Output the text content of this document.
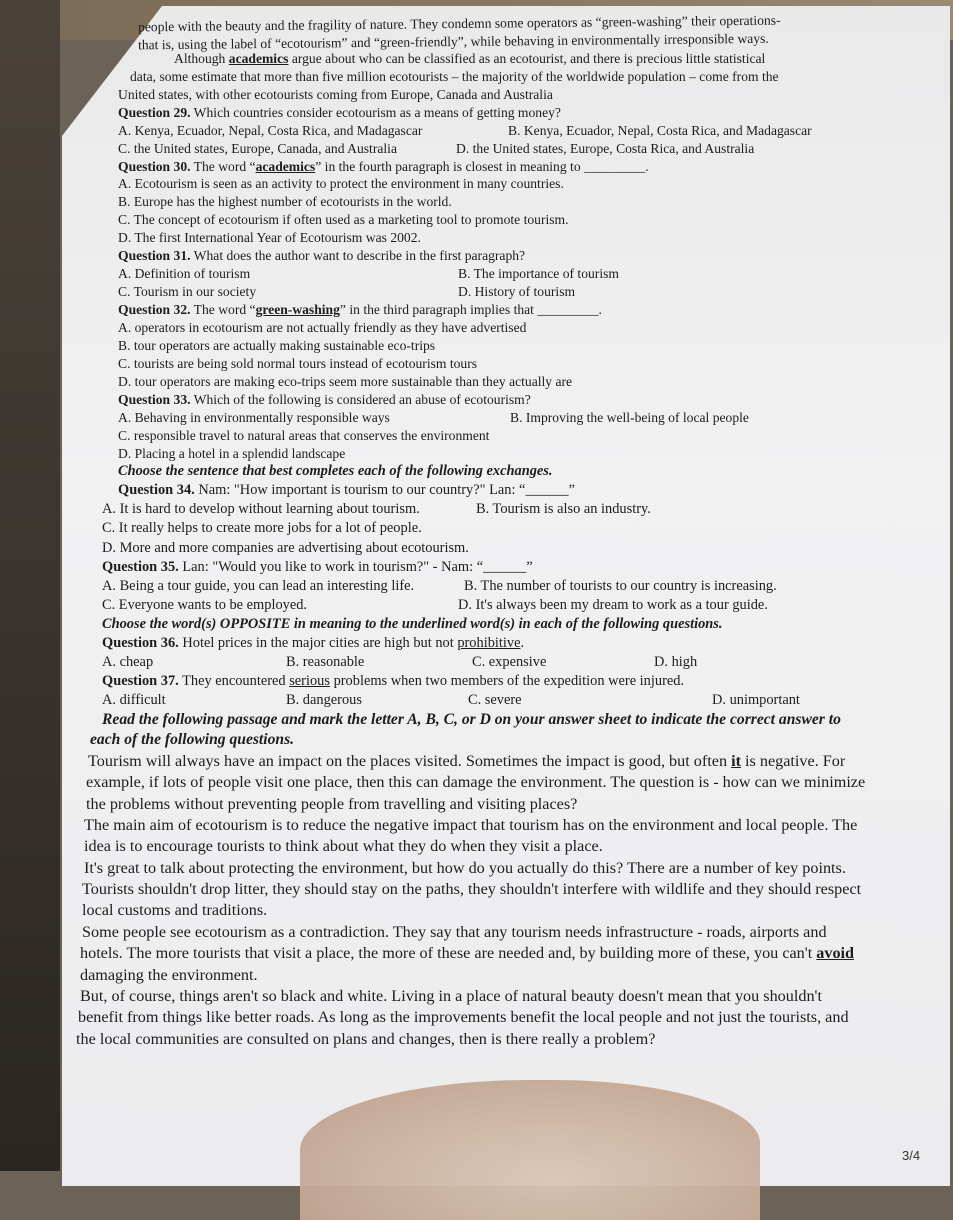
people with the beauty and the fragility of nature. They condemn some operators as “green-washing” their operations-
that is, using the label of “ecotourism” and “green-friendly”, while behaving in environmentally irresponsible ways.
Although academics argue about who can be classified as an ecotourist, and there is precious little statistical
data, some estimate that more than five million ecotourists – the majority of the worldwide population – come from the
United states, with other ecotourists coming from Europe, Canada and Australia
Question 29. Which countries consider ecotourism as a means of getting money?
A. Kenya, Ecuador, Nepal, Costa Rica, and Madagascar	B. Kenya, Ecuador, Nepal, Costa Rica, and Madagascar
C. the United states, Europe, Canada, and Australia	D. the United states, Europe, Costa Rica, and Australia
Question 30. The word “academics” in the fourth paragraph is closest in meaning to _________.
A. Ecotourism is seen as an activity to protect the environment in many countries.
B. Europe has the highest number of ecotourists in the world.
C. The concept of ecotourism if often used as a marketing tool to promote tourism.
D. The first International Year of Ecotourism was 2002.
Question 31. What does the author want to describe in the first paragraph?
A. Definition of tourism	B. The importance of tourism
C. Tourism in our society	D. History of tourism
Question 32. The word “green-washing” in the third paragraph implies that _________.
A. operators in ecotourism are not actually friendly as they have advertised
B. tour operators are actually making sustainable eco-trips
C. tourists are being sold normal tours instead of ecotourism tours
D. tour operators are making eco-trips seem more sustainable than they actually are
Question 33. Which of the following is considered an abuse of ecotourism?
A. Behaving in environmentally responsible ways	B. Improving the well-being of local people
C. responsible travel to natural areas that conserves the environment
D. Placing a hotel in a splendid landscape
Choose the sentence that best completes each of the following exchanges.
Question 34. Nam: "How important is tourism to our country?" Lan: “______”
A. It is hard to develop without learning about tourism.	B. Tourism is also an industry.
C. It really helps to create more jobs for a lot of people.
D. More and more companies are advertising about ecotourism.
Question 35. Lan: "Would you like to work in tourism?" - Nam: “______”
A. Being a tour guide, you can lead an interesting life.	B. The number of tourists to our country is increasing.
C. Everyone wants to be employed.	D. It's always been my dream to work as a tour guide.
Choose the word(s) OPPOSITE in meaning to the underlined word(s) in each of the following questions.
Question 36. Hotel prices in the major cities are high but not prohibitive.
A. cheap	B. reasonable	C. expensive	D. high
Question 37. They encountered serious problems when two members of the expedition were injured.
A. difficult	B. dangerous	C. severe	D. unimportant
Read the following passage and mark the letter A, B, C, or D on your answer sheet to indicate the correct answer to
each of the following questions.
Tourism will always have an impact on the places visited. Sometimes the impact is good, but often it is negative. For
example, if lots of people visit one place, then this can damage the environment. The question is - how can we minimize
the problems without preventing people from travelling and visiting places?
The main aim of ecotourism is to reduce the negative impact that tourism has on the environment and local people. The
idea is to encourage tourists to think about what they do when they visit a place.
It's great to talk about protecting the environment, but how do you actually do this? There are a number of key points.
Tourists shouldn't drop litter, they should stay on the paths, they shouldn't interfere with wildlife and they should respect
local customs and traditions.
Some people see ecotourism as a contradiction. They say that any tourism needs infrastructure - roads, airports and
hotels. The more tourists that visit a place, the more of these are needed and, by building more of these, you can't avoid
damaging the environment.
But, of course, things aren't so black and white. Living in a place of natural beauty doesn't mean that you shouldn't
benefit from things like better roads. As long as the improvements benefit the local people and not just the tourists, and
the local communities are consulted on plans and changes, then is there really a problem?
3/4
